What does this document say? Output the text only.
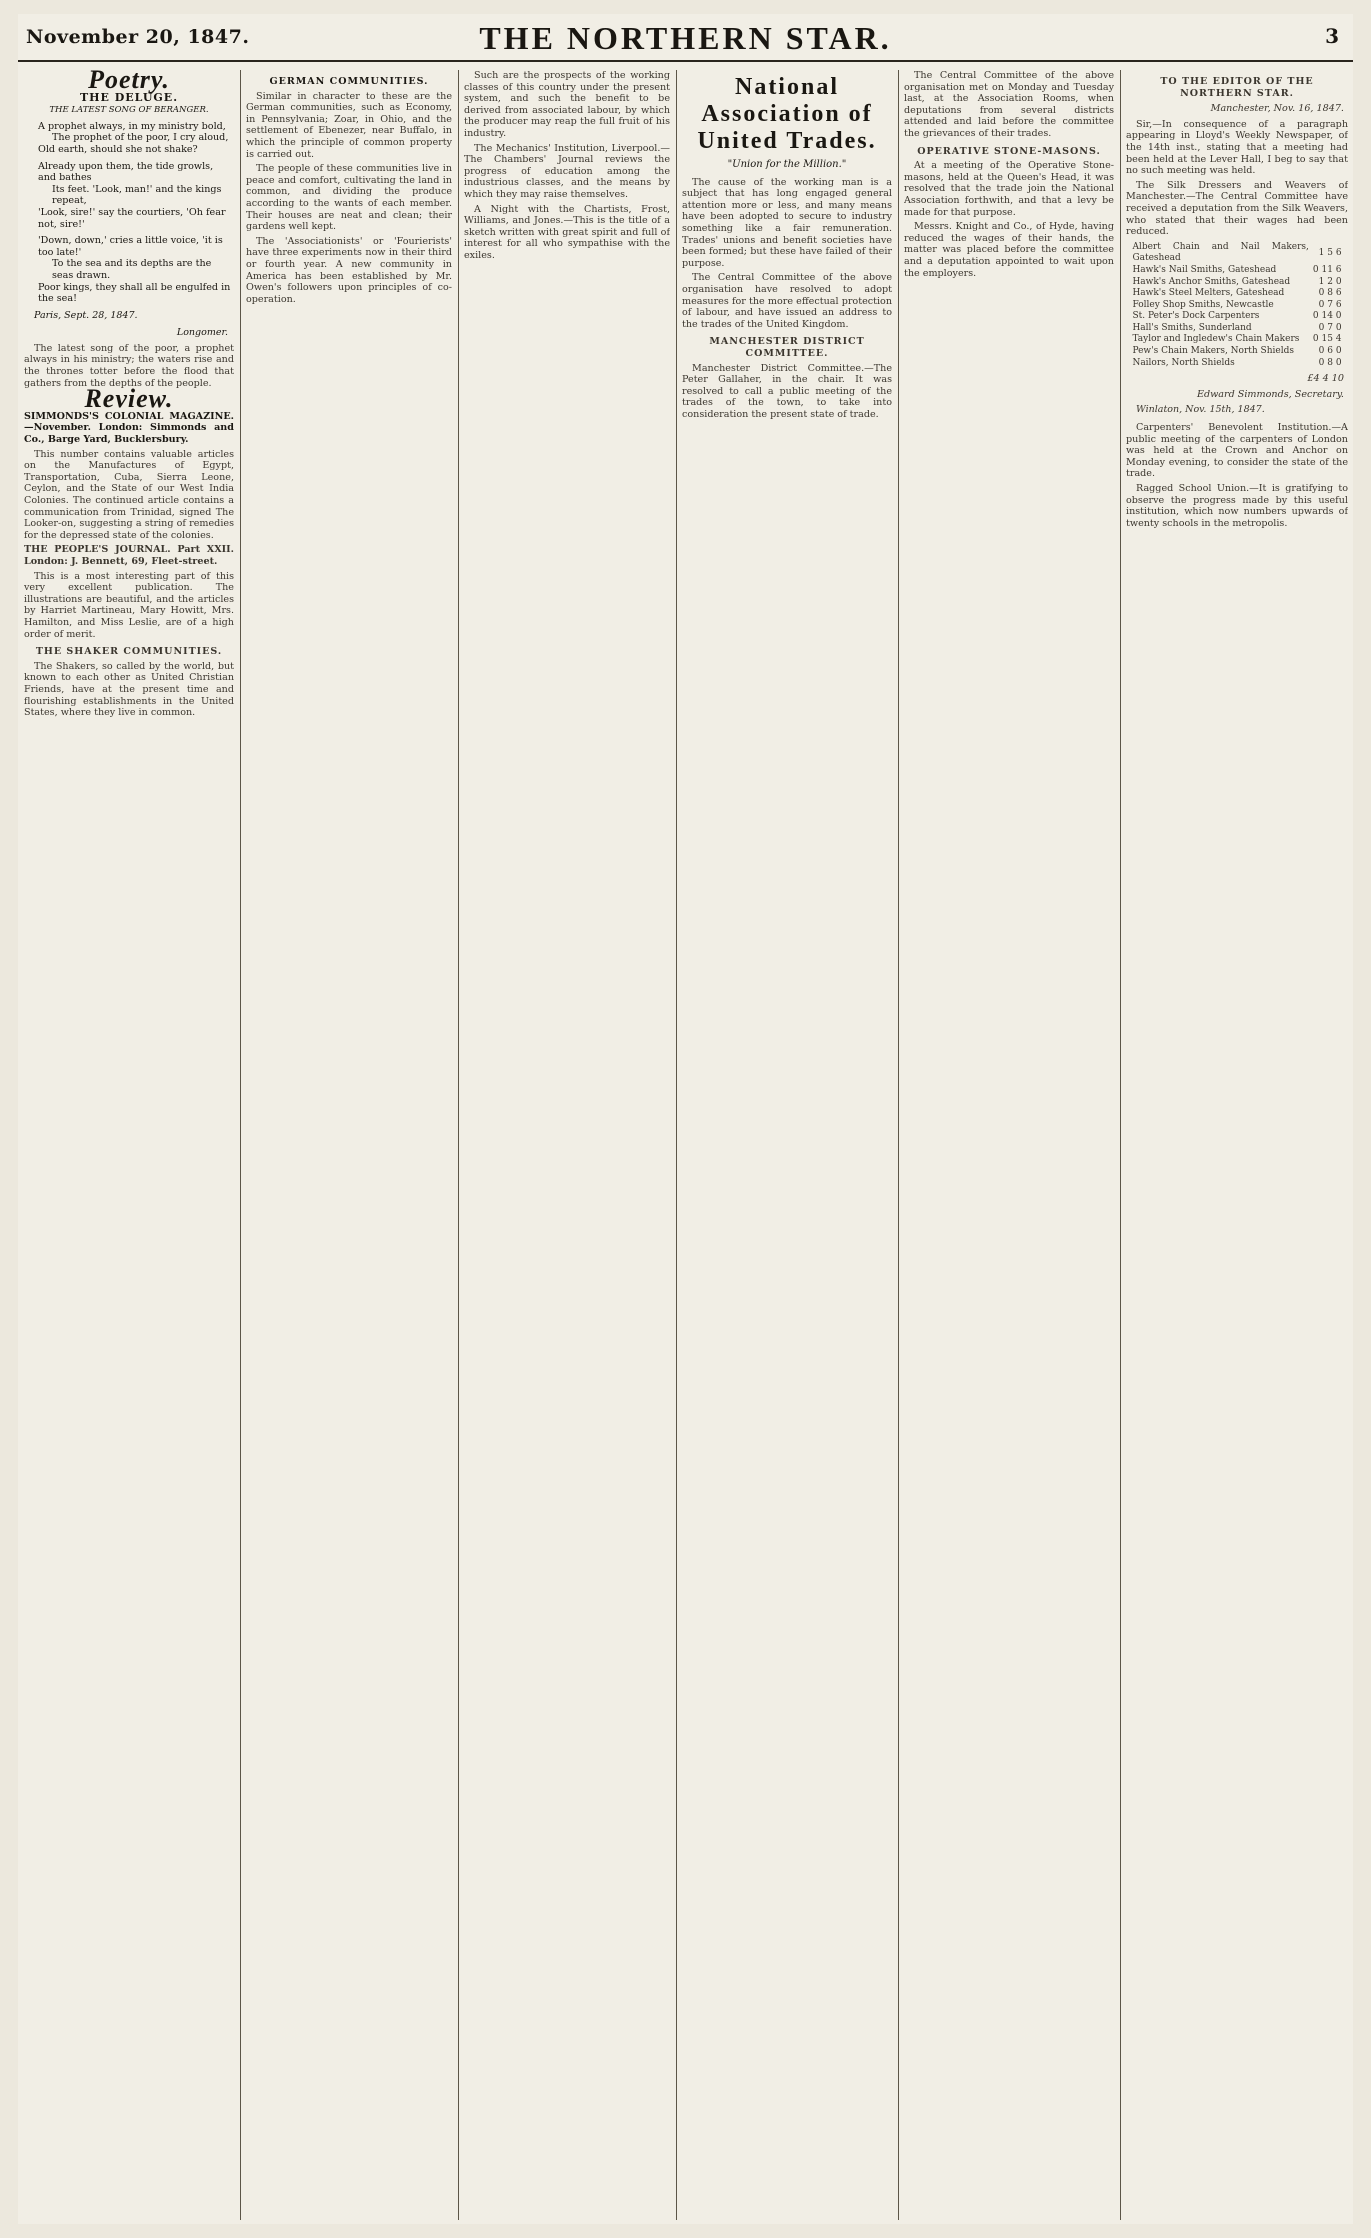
November 20, 1847.	THE NORTHERN STAR.	3
Poetry.
THE DELUGE.
THE LATEST SONG OF BERANGER.

A prophet always, in my ministry bold,

The prophet of the poor, I cry aloud,

Old earth, should she not shake?

Already upon them, the tide growls, and bathes

Its feet. 'Look, man!' and the kings repeat,

'Look, sire!' say the courtiers, 'Oh fear not, sire!'

'Down, down,' cries a little voice, 'it is too late!'

To the sea and its depths are the seas drawn.

Poor kings, they shall all be engulfed in the sea!

Paris, Sept. 28, 1847.
Longomer.

The latest song of the poor, a prophet always in his ministry; the waters rise and the thrones totter before the flood that gathers from the depths of the people.

Review.

SIMMONDS'S COLONIAL MAGAZINE.—November. London: Simmonds and Co., Barge Yard, Bucklersbury.

This number contains valuable articles on the Manufactures of Egypt, Transportation, Cuba, Sierra Leone, Ceylon, and the State of our West India Colonies. The continued article contains a communication from Trinidad, signed The Looker-on, suggesting a string of remedies for the depressed state of the colonies.

THE PEOPLE'S JOURNAL. Part XXII. London: J. Bennett, 69, Fleet-street.

This is a most interesting part of this very excellent publication. The illustrations are beautiful, and the articles by Harriet Martineau, Mary Howitt, Mrs. Hamilton, and Miss Leslie, are of a high order of merit.

THE SHAKER COMMUNITIES.

The Shakers, so called by the world, but known to each other as United Christian Friends, have at the present time and flourishing establishments in the United States, where they live in common.

GERMAN COMMUNITIES.

Similar in character to these are the German communities, such as Economy, in Pennsylvania; Zoar, in Ohio, and the settlement of Ebenezer, near Buffalo, in which the principle of common property is carried out.

The people of these communities live in peace and comfort, cultivating the land in common, and dividing the produce according to the wants of each member. Their houses are neat and clean; their gardens well kept.

The 'Associationists' or 'Fourierists' have three experiments now in their third or fourth year. A new community in America has been established by Mr. Owen's followers upon principles of co-operation.

Such are the prospects of the working classes of this country under the present system, and such the benefit to be derived from associated labour, by which the producer may reap the full fruit of his industry.

The Mechanics' Institution, Liverpool.—The Chambers' Journal reviews the progress of education among the industrious classes, and the means by which they may raise themselves.

A Night with the Chartists, Frost, Williams, and Jones.—This is the title of a sketch written with great spirit and full of interest for all who sympathise with the exiles.

National Association of United Trades.
"Union for the Million."

The cause of the working man is a subject that has long engaged general attention more or less, and many means have been adopted to secure to industry something like a fair remuneration. Trades' unions and benefit societies have been formed; but these have failed of their purpose.

The Central Committee of the above organisation have resolved to adopt measures for the more effectual protection of labour, and have issued an address to the trades of the United Kingdom.

MANCHESTER DISTRICT COMMITTEE.

Manchester District Committee.—The Peter Gallaher, in the chair. It was resolved to call a public meeting of the trades of the town, to take into consideration the present state of trade.

The Central Committee of the above organisation met on Monday and Tuesday last, at the Association Rooms, when deputations from several districts attended and laid before the committee the grievances of their trades.

OPERATIVE STONE-MASONS.

At a meeting of the Operative Stone-masons, held at the Queen's Head, it was resolved that the trade join the National Association forthwith, and that a levy be made for that purpose.

Messrs. Knight and Co., of Hyde, having reduced the wages of their hands, the matter was placed before the committee and a deputation appointed to wait upon the employers.

TO THE EDITOR OF THE NORTHERN STAR.
Manchester, Nov. 16, 1847.

Sir,—In consequence of a paragraph appearing in Lloyd's Weekly Newspaper, of the 14th inst., stating that a meeting had been held at the Lever Hall, I beg to say that no such meeting was held.

The Silk Dressers and Weavers of Manchester.—The Central Committee have received a deputation from the Silk Weavers, who stated that their wages had been reduced.

Albert Chain and Nail Makers, Gateshead	1 5 6
Hawk's Nail Smiths, Gateshead	0 11 6
Hawk's Anchor Smiths, Gateshead	1 2 0
Hawk's Steel Melters, Gateshead	0 8 6
Folley Shop Smiths, Newcastle	0 7 6
St. Peter's Dock Carpenters	0 14 0
Hall's Smiths, Sunderland	0 7 0
Taylor and Ingledew's Chain Makers	0 15 4
Pew's Chain Makers, North Shields	0 6 0
Nailors, North Shields	0 8 0
£4 4 10
Edward Simmonds, Secretary.
Winlaton, Nov. 15th, 1847.

Carpenters' Benevolent Institution.—A public meeting of the carpenters of London was held at the Crown and Anchor on Monday evening, to consider the state of the trade.

Ragged School Union.—It is gratifying to observe the progress made by this useful institution, which now numbers upwards of twenty schools in the metropolis.
